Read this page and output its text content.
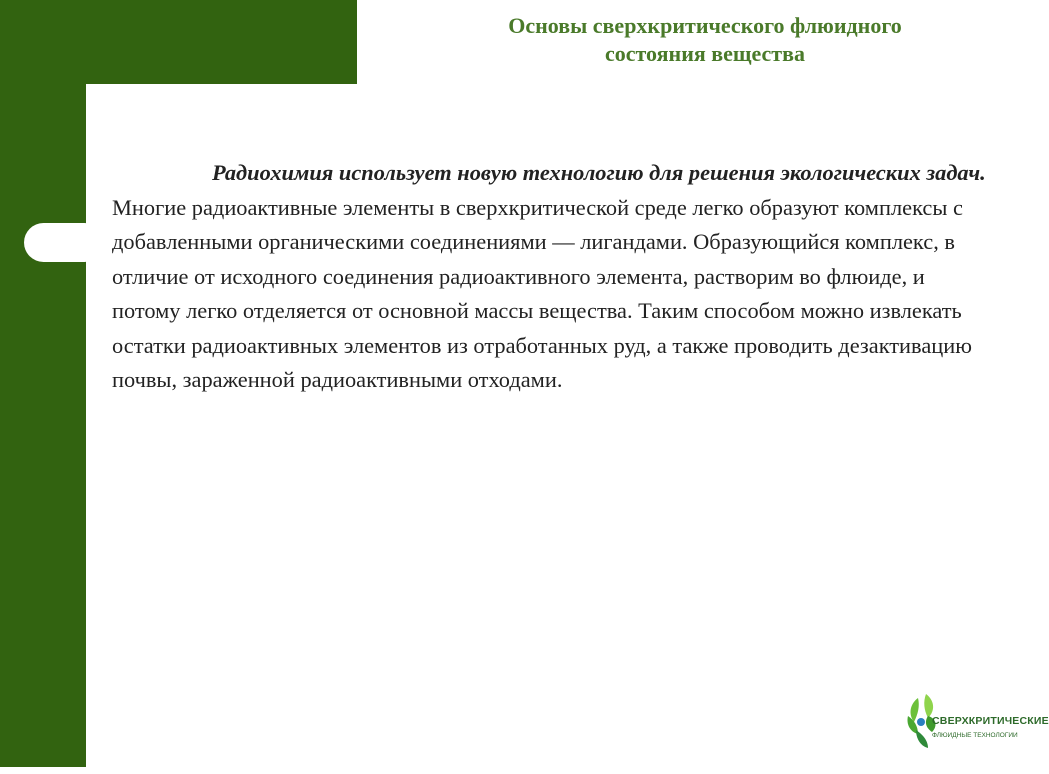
Основы сверхкритического флюидного
состояния вещества

Радиохимия использует новую технологию для решения экологических задач.  Многие радиоактивные элементы в сверхкритической среде легко образуют комплексы с добавленными органическими соединениями — лигандами. Образующийся комплекс, в отличие от исходного соединения радиоактивного элемента, растворим во флюиде, и потому легко отделяется от основной массы вещества. Таким способом можно извлекать остатки радиоактивных элементов из отработанных руд, а также проводить дезактивацию почвы, зараженной радиоактивными отходами.

СВЕРХКРИТИЧЕСКИЕ
ФЛЮИДНЫЕ ТЕХНОЛОГИИ
